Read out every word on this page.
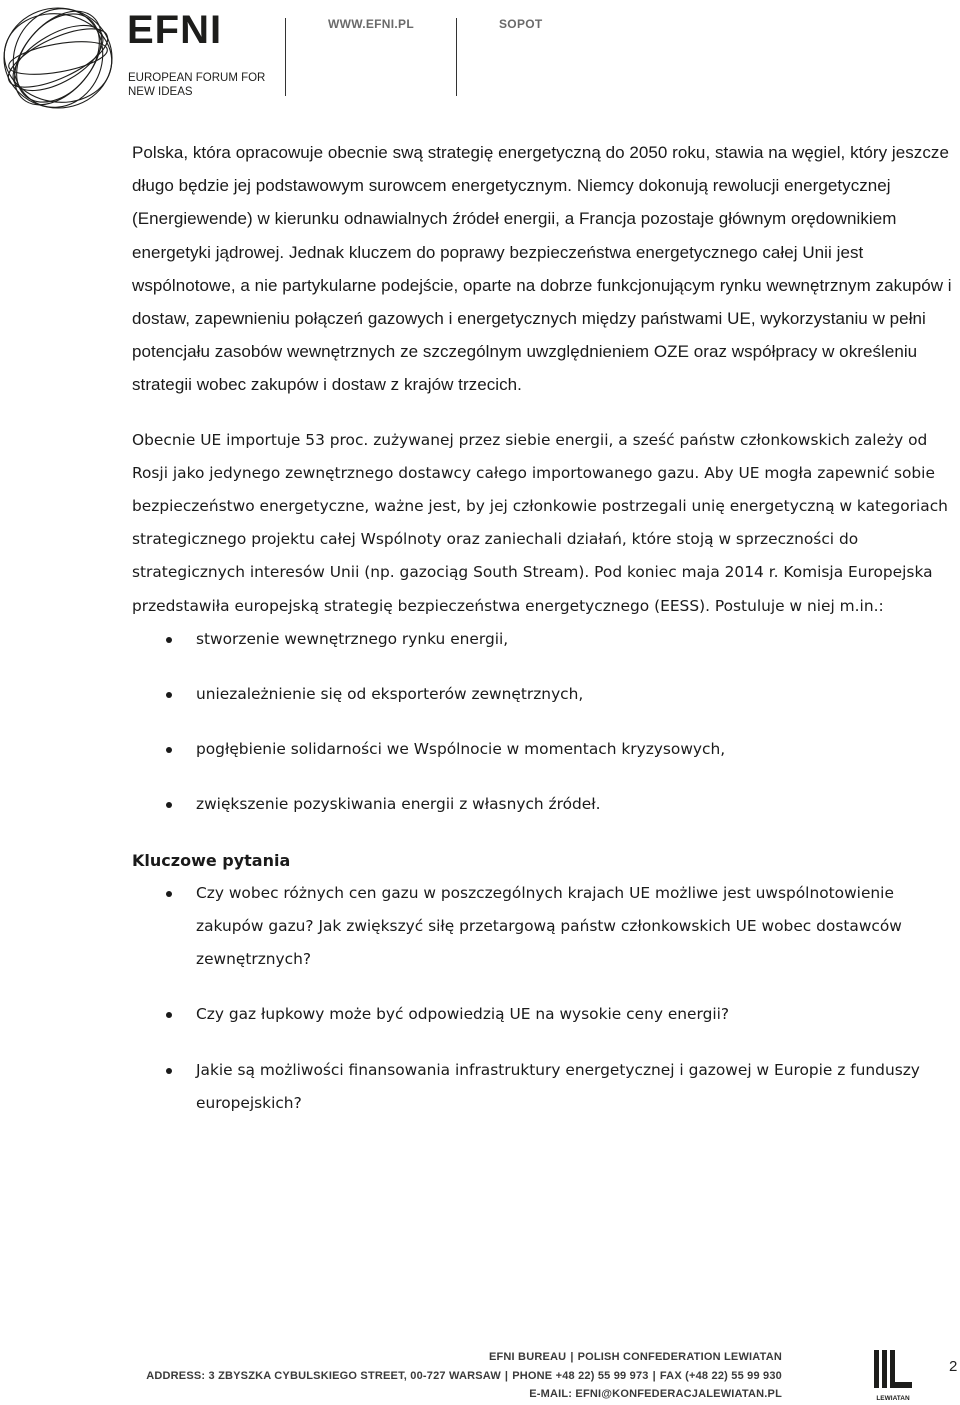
EFNI
EUROPEAN FORUM FOR NEW IDEAS
WWW.EFNI.PL	SOPOT

Polska, która opracowuje obecnie swą strategię energetyczną do 2050 roku, stawia na węgiel, który jeszcze długo będzie jej podstawowym surowcem energetycznym. Niemcy dokonują rewolucji energetycznej (Energiewende) w kierunku odnawialnych źródeł energii, a Francja pozostaje głównym orędownikiem energetyki jądrowej. Jednak kluczem do poprawy bezpieczeństwa energetycznego całej Unii jest wspólnotowe, a nie partykularne podejście, oparte na dobrze funkcjonującym rynku wewnętrznym zakupów i dostaw, zapewnieniu połączeń gazowych i energetycznych między państwami UE, wykorzystaniu w pełni potencjału zasobów wewnętrznych ze szczególnym uwzględnieniem OZE oraz współpracy w określeniu strategii wobec zakupów i dostaw z krajów trzecich.

Obecnie UE importuje 53 proc. zużywanej przez siebie energii, a sześć państw członkowskich zależy od Rosji jako jedynego zewnętrznego dostawcy całego importowanego gazu. Aby UE mogła zapewnić sobie bezpieczeństwo energetyczne, ważne jest, by jej członkowie postrzegali unię energetyczną w kategoriach strategicznego projektu całej Wspólnoty oraz zaniechali działań, które stoją w sprzeczności do strategicznych interesów Unii (np. gazociąg South Stream). Pod koniec maja 2014 r. Komisja Europejska przedstawiła europejską strategię bezpieczeństwa energetycznego (EESS). Postuluje w niej m.in.:

stworzenie wewnętrznego rynku energii,
uniezależnienie się od eksporterów zewnętrznych,
pogłębienie solidarności we Wspólnocie w momentach kryzysowych,
zwiększenie pozyskiwania energii z własnych źródeł.

Kluczowe pytania

Czy wobec różnych cen gazu w poszczególnych krajach UE możliwe jest uwspólnotowienie zakupów gazu? Jak zwiększyć siłę przetargową państw członkowskich UE wobec dostawców zewnętrznych?
Czy gaz łupkowy może być odpowiedzią UE na wysokie ceny energii?
Jakie są możliwości finansowania infrastruktury energetycznej i gazowej w Europie z funduszy europejskich?
EFNI BUREAU | POLISH CONFEDERATION LEWIATAN
ADDRESS: 3 ZBYSZKA CYBULSKIEGO STREET, 00-727 WARSAW | PHONE +48 22) 55 99 973 | FAX (+48 22) 55 99 930
E-MAIL: EFNI@KONFEDERACJALEWIATAN.PL	LEWIATAN
2
